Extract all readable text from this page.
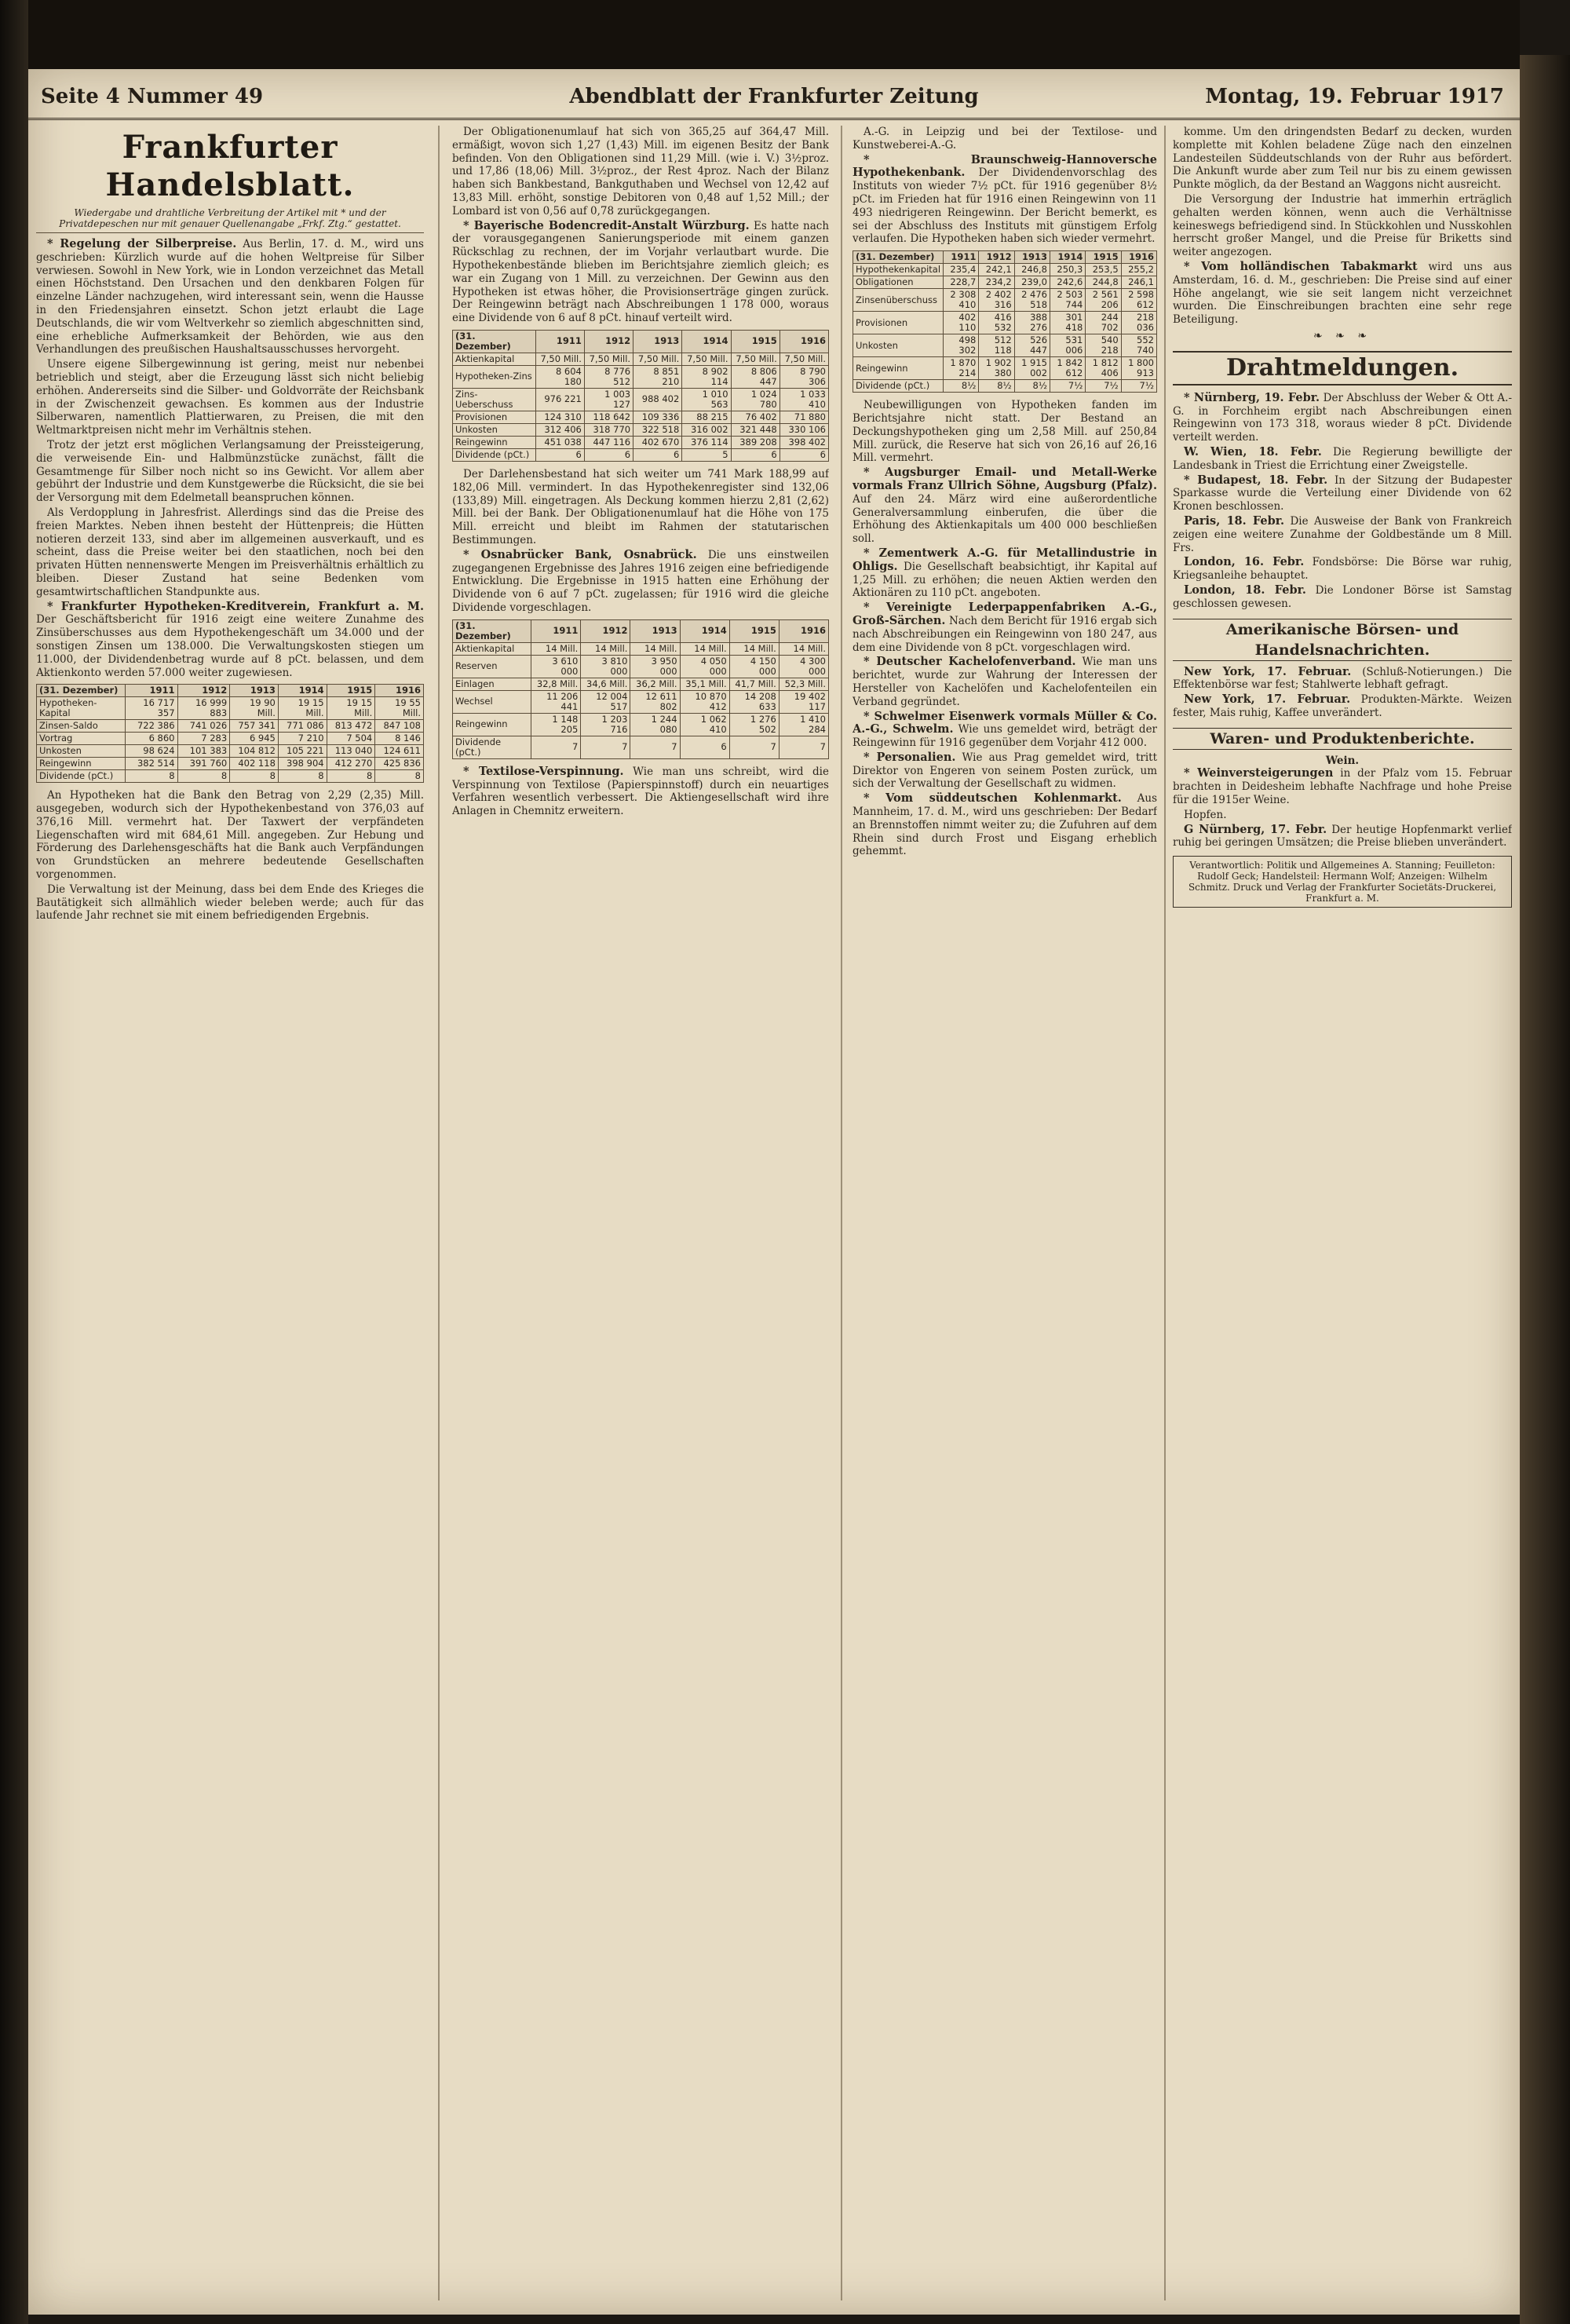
Seite 4 Nummer 49	Abendblatt der Frankfurter Zeitung	Montag, 19. Februar 1917
Frankfurter Handelsblatt.
Wiedergabe und drahtliche Verbreitung der Artikel mit * und der Privatdepeschen nur mit genauer Quellenangabe „Frkf. Ztg.“ gestattet.

* Regelung der Silberpreise. Aus Berlin, 17. d. M., wird uns geschrieben: Kürzlich wurde auf die hohen Weltpreise für Silber verwiesen. Sowohl in New York, wie in London verzeichnet das Metall einen Höchststand. Den Ursachen und den denkbaren Folgen für einzelne Länder nachzugehen, wird interessant sein, wenn die Hausse in den Friedensjahren einsetzt. Schon jetzt erlaubt die Lage Deutschlands, die wir vom Weltverkehr so ziemlich abgeschnitten sind, eine erhebliche Aufmerksamkeit der Behörden, wie aus den Verhandlungen des preußischen Haushaltsausschusses hervorgeht.

Unsere eigene Silbergewinnung ist gering, meist nur nebenbei betrieblich und steigt, aber die Erzeugung lässt sich nicht beliebig erhöhen. Andererseits sind die Silber- und Goldvorräte der Reichsbank in der Zwischenzeit gewachsen. Es kommen aus der Industrie Silberwaren, namentlich Plattierwaren, zu Preisen, die mit den Weltmarktpreisen nicht mehr im Verhältnis stehen.

Trotz der jetzt erst möglichen Verlangsamung der Preissteigerung, die verweisende Ein- und Halbmünzstücke zunächst, fällt die Gesamtmenge für Silber noch nicht so ins Gewicht. Vor allem aber gebührt der Industrie und dem Kunstgewerbe die Rücksicht, die sie bei der Versorgung mit dem Edelmetall beanspruchen können.

Als Verdopplung in Jahresfrist. Allerdings sind das die Preise des freien Marktes. Neben ihnen besteht der Hüttenpreis; die Hütten notieren derzeit 133, sind aber im allgemeinen ausverkauft, und es scheint, dass die Preise weiter bei den staatlichen, noch bei den privaten Hütten nennenswerte Mengen im Preisverhältnis erhältlich zu bleiben. Dieser Zustand hat seine Bedenken vom gesamtwirtschaftlichen Standpunkte aus.

* Frankfurter Hypotheken-Kreditverein, Frankfurt a. M. Der Geschäftsbericht für 1916 zeigt eine weitere Zunahme des Zinsüberschusses aus dem Hypothekengeschäft um 34.000 und der sonstigen Zinsen um 138.000. Die Verwaltungskosten stiegen um 11.000, der Dividendenbetrag wurde auf 8 pCt. belassen, und dem Aktienkonto werden 57.000 weiter zugewiesen.

(31. Dezember)	1911	1912	1913	1914	1915	1916
Hypotheken-Kapital	16 717 357	16 999 883	19 90 Mill.	19 15 Mill.	19 15 Mill.	19 55 Mill.
Zinsen-Saldo	722 386	741 026	757 341	771 086	813 472	847 108
Vortrag	6 860	7 283	6 945	7 210	7 504	8 146
Unkosten	98 624	101 383	104 812	105 221	113 040	124 611
Reingewinn	382 514	391 760	402 118	398 904	412 270	425 836
Dividende (pCt.)	8	8	8	8	8	8

An Hypotheken hat die Bank den Betrag von 2,29 (2,35) Mill. ausgegeben, wodurch sich der Hypothekenbestand von 376,03 auf 376,16 Mill. vermehrt hat. Der Taxwert der verpfändeten Liegenschaften wird mit 684,61 Mill. angegeben. Zur Hebung und Förderung des Darlehensgeschäfts hat die Bank auch Verpfändungen von Grundstücken an mehrere bedeutende Gesellschaften vorgenommen.

Die Verwaltung ist der Meinung, dass bei dem Ende des Krieges die Bautätigkeit sich allmählich wieder beleben werde; auch für das laufende Jahr rechnet sie mit einem befriedigenden Ergebnis.

Der Obligationenumlauf hat sich von 365,25 auf 364,47 Mill. ermäßigt, wovon sich 1,27 (1,43) Mill. im eigenen Besitz der Bank befinden. Von den Obligationen sind 11,29 Mill. (wie i. V.) 3½proz. und 17,86 (18,06) Mill. 3½proz., der Rest 4proz. Nach der Bilanz haben sich Bankbestand, Bankguthaben und Wechsel von 12,42 auf 13,83 Mill. erhöht, sonstige Debitoren von 0,48 auf 1,52 Mill.; der Lombard ist von 0,56 auf 0,78 zurückgegangen.

* Bayerische Bodencredit-Anstalt Würzburg. Es hatte nach der vorausgegangenen Sanierungsperiode mit einem ganzen Rückschlag zu rechnen, der im Vorjahr verlautbart wurde. Die Hypothekenbestände blieben im Berichtsjahre ziemlich gleich; es war ein Zugang von 1 Mill. zu verzeichnen. Der Gewinn aus den Hypotheken ist etwas höher, die Provisionserträge gingen zurück. Der Reingewinn beträgt nach Abschreibungen 1 178 000, woraus eine Dividende von 6 auf 8 pCt. hinauf verteilt wird.

(31. Dezember)	1911	1912	1913	1914	1915	1916
Aktienkapital	7,50 Mill.	7,50 Mill.	7,50 Mill.	7,50 Mill.	7,50 Mill.	7,50 Mill.
Hypotheken-Zins	8 604 180	8 776 512	8 851 210	8 902 114	8 806 447	8 790 306
Zins-Ueberschuss	976 221	1 003 127	988 402	1 010 563	1 024 780	1 033 410
Provisionen	124 310	118 642	109 336	88 215	76 402	71 880
Unkosten	312 406	318 770	322 518	316 002	321 448	330 106
Reingewinn	451 038	447 116	402 670	376 114	389 208	398 402
Dividende (pCt.)	6	6	6	5	6	6

Der Darlehensbestand hat sich weiter um 741 Mark 188,99 auf 182,06 Mill. vermindert. In das Hypothekenregister sind 132,06 (133,89) Mill. eingetragen. Als Deckung kommen hierzu 2,81 (2,62) Mill. bei der Bank. Der Obligationenumlauf hat die Höhe von 175 Mill. erreicht und bleibt im Rahmen der statutarischen Bestimmungen.

* Osnabrücker Bank, Osnabrück. Die uns einstweilen zugegangenen Ergebnisse des Jahres 1916 zeigen eine befriedigende Entwicklung. Die Ergebnisse in 1915 hatten eine Erhöhung der Dividende von 6 auf 7 pCt. zugelassen; für 1916 wird die gleiche Dividende vorgeschlagen.

(31. Dezember)	1911	1912	1913	1914	1915	1916
Aktienkapital	14 Mill.	14 Mill.	14 Mill.	14 Mill.	14 Mill.	14 Mill.
Reserven	3 610 000	3 810 000	3 950 000	4 050 000	4 150 000	4 300 000
Einlagen	32,8 Mill.	34,6 Mill.	36,2 Mill.	35,1 Mill.	41,7 Mill.	52,3 Mill.
Wechsel	11 206 441	12 004 517	12 611 802	10 870 412	14 208 633	19 402 117
Reingewinn	1 148 205	1 203 716	1 244 080	1 062 410	1 276 502	1 410 284
Dividende (pCt.)	7	7	7	6	7	7

* Textilose-Verspinnung. Wie man uns schreibt, wird die Verspinnung von Textilose (Papierspinnstoff) durch ein neuartiges Verfahren wesentlich verbessert. Die Aktiengesellschaft wird ihre Anlagen in Chemnitz erweitern.

A.-G. in Leipzig und bei der Textilose- und Kunstweberei-A.-G.

* Braunschweig-Hannoversche Hypothekenbank. Der Dividendenvorschlag des Instituts von wieder 7½ pCt. für 1916 gegenüber 8½ pCt. im Frieden hat für 1916 einen Reingewinn von 11 493 niedrigeren Reingewinn. Der Bericht bemerkt, es sei der Abschluss des Instituts mit günstigem Erfolg verlaufen. Die Hypotheken haben sich wieder vermehrt.

(31. Dezember)	1911	1912	1913	1914	1915	1916
Hypothekenkapital	235,4	242,1	246,8	250,3	253,5	255,2
Obligationen	228,7	234,2	239,0	242,6	244,8	246,1
Zinsenüberschuss	2 308 410	2 402 316	2 476 518	2 503 744	2 561 206	2 598 612
Provisionen	402 110	416 532	388 276	301 418	244 702	218 036
Unkosten	498 302	512 118	526 447	531 006	540 218	552 740
Reingewinn	1 870 214	1 902 380	1 915 002	1 842 612	1 812 406	1 800 913
Dividende (pCt.)	8½	8½	8½	7½	7½	7½

Neubewilligungen von Hypotheken fanden im Berichtsjahre nicht statt. Der Bestand an Deckungshypotheken ging um 2,58 Mill. auf 250,84 Mill. zurück, die Reserve hat sich von 26,16 auf 26,16 Mill. vermehrt.

* Augsburger Email- und Metall-Werke vormals Franz Ullrich Söhne, Augsburg (Pfalz). Auf den 24. März wird eine außerordentliche Generalversammlung einberufen, die über die Erhöhung des Aktienkapitals um 400 000 beschließen soll.

* Zementwerk A.-G. für Metallindustrie in Ohligs. Die Gesellschaft beabsichtigt, ihr Kapital auf 1,25 Mill. zu erhöhen; die neuen Aktien werden den Aktionären zu 110 pCt. angeboten.

* Vereinigte Lederpappenfabriken A.-G., Groß-Särchen. Nach dem Bericht für 1916 ergab sich nach Abschreibungen ein Reingewinn von 180 247, aus dem eine Dividende von 8 pCt. vorgeschlagen wird.

* Deutscher Kachelofenverband. Wie man uns berichtet, wurde zur Wahrung der Interessen der Hersteller von Kachelöfen und Kachelofenteilen ein Verband gegründet.

* Schwelmer Eisenwerk vormals Müller & Co. A.-G., Schwelm. Wie uns gemeldet wird, beträgt der Reingewinn für 1916 gegenüber dem Vorjahr 412 000.

* Personalien. Wie aus Prag gemeldet wird, tritt Direktor von Engeren von seinem Posten zurück, um sich der Verwaltung der Gesellschaft zu widmen.

* Vom süddeutschen Kohlenmarkt. Aus Mannheim, 17. d. M., wird uns geschrieben: Der Bedarf an Brennstoffen nimmt weiter zu; die Zufuhren auf dem Rhein sind durch Frost und Eisgang erheblich gehemmt.

komme. Um den dringendsten Bedarf zu decken, wurden komplette mit Kohlen beladene Züge nach den einzelnen Landesteilen Süddeutschlands von der Ruhr aus befördert. Die Ankunft wurde aber zum Teil nur bis zu einem gewissen Punkte möglich, da der Bestand an Waggons nicht ausreicht.

Die Versorgung der Industrie hat immerhin erträglich gehalten werden können, wenn auch die Verhältnisse keineswegs befriedigend sind. In Stückkohlen und Nusskohlen herrscht großer Mangel, und die Preise für Briketts sind weiter angezogen.

* Vom holländischen Tabakmarkt wird uns aus Amsterdam, 16. d. M., geschrieben: Die Preise sind auf einer Höhe angelangt, wie sie seit langem nicht verzeichnet wurden. Die Einschreibungen brachten eine sehr rege Beteiligung.

❧ ❧ ❧
Drahtmeldungen.

* Nürnberg, 19. Febr. Der Abschluss der Weber & Ott A.-G. in Forchheim ergibt nach Abschreibungen einen Reingewinn von 173 318, woraus wieder 8 pCt. Dividende verteilt werden.

W. Wien, 18. Febr. Die Regierung bewilligte der Landesbank in Triest die Errichtung einer Zweigstelle.

* Budapest, 18. Febr. In der Sitzung der Budapester Sparkasse wurde die Verteilung einer Dividende von 62 Kronen beschlossen.

Paris, 18. Febr. Die Ausweise der Bank von Frankreich zeigen eine weitere Zunahme der Goldbestände um 8 Mill. Frs.

London, 16. Febr. Fondsbörse: Die Börse war ruhig, Kriegsanleihe behauptet.

London, 18. Febr. Die Londoner Börse ist Samstag geschlossen gewesen.

Amerikanische Börsen- und Handelsnachrichten.

New York, 17. Februar. (Schluß-Notierungen.) Die Effektenbörse war fest; Stahlwerte lebhaft gefragt.

New York, 17. Februar. Produkten-Märkte. Weizen fester, Mais ruhig, Kaffee unverändert.

Waren- und Produktenberichte.
Wein.

* Weinversteigerungen in der Pfalz vom 15. Februar brachten in Deidesheim lebhafte Nachfrage und hohe Preise für die 1915er Weine.

Hopfen.

G Nürnberg, 17. Febr. Der heutige Hopfenmarkt verlief ruhig bei geringen Umsätzen; die Preise blieben unverändert.

Verantwortlich: Politik und Allgemeines A. Stanning; Feuilleton: Rudolf Geck; Handelsteil: Hermann Wolf; Anzeigen: Wilhelm Schmitz. Druck und Verlag der Frankfurter Societäts-Druckerei, Frankfurt a. M.
